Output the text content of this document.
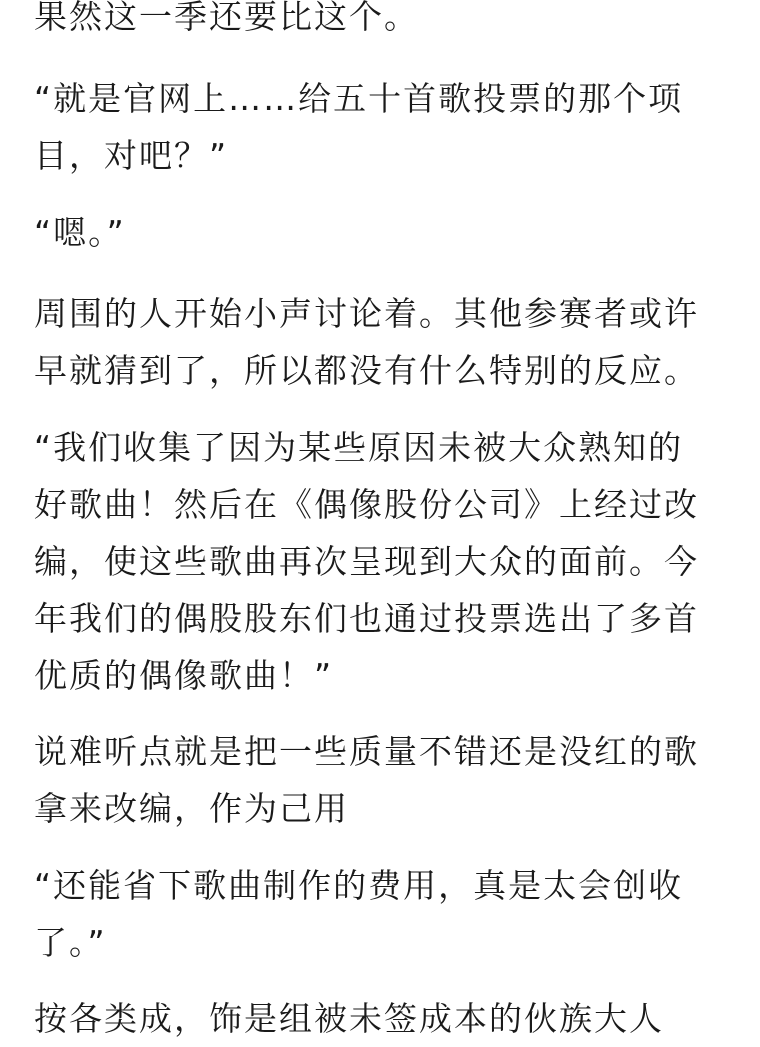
果然这一季还要比这个。

“就是官网上……给五十首歌投票的那个项
目，对吧？”

“嗯。”

周围的人开始小声讨论着。其他参赛者或许
早就猜到了，所以都没有什么特别的反应。

“我们收集了因为某些原因未被大众熟知的
好歌曲！然后在《偶像股份公司》上经过改
编，使这些歌曲再次呈现到大众的面前。今
年我们的偶股股东们也通过投票选出了多首
优质的偶像歌曲！”

说难听点就是把一些质量不错还是没红的歌
拿来改编，作为己用

“还能省下歌曲制作的费用，真是太会创收
了。”

按各类成，饰是组被未签成本的伙族大人
